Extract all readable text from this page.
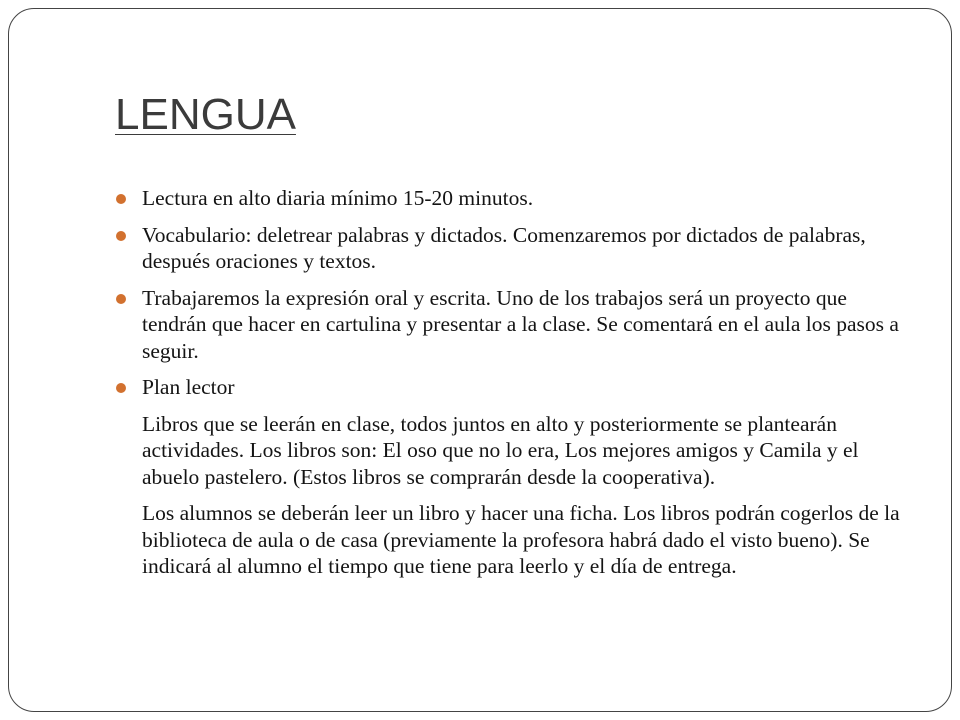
LENGUA
Lectura en alto diaria mínimo 15-20 minutos.
Vocabulario: deletrear palabras y dictados. Comenzaremos por dictados de palabras, después oraciones y textos.
Trabajaremos la expresión oral y escrita. Uno de los trabajos será un proyecto que tendrán que hacer en cartulina y presentar a la clase. Se comentará en el aula los pasos a seguir.
Plan lector
Libros que se leerán en clase, todos juntos en alto y posteriormente se plantearán actividades. Los libros son: El oso que no lo era, Los mejores amigos y Camila y el abuelo pastelero. (Estos libros se comprarán desde la cooperativa).
Los alumnos se deberán leer un libro y hacer una ficha. Los libros podrán cogerlos de la biblioteca de aula o de casa (previamente la profesora habrá dado el visto bueno). Se indicará al alumno el tiempo que tiene para leerlo y el día de entrega.
